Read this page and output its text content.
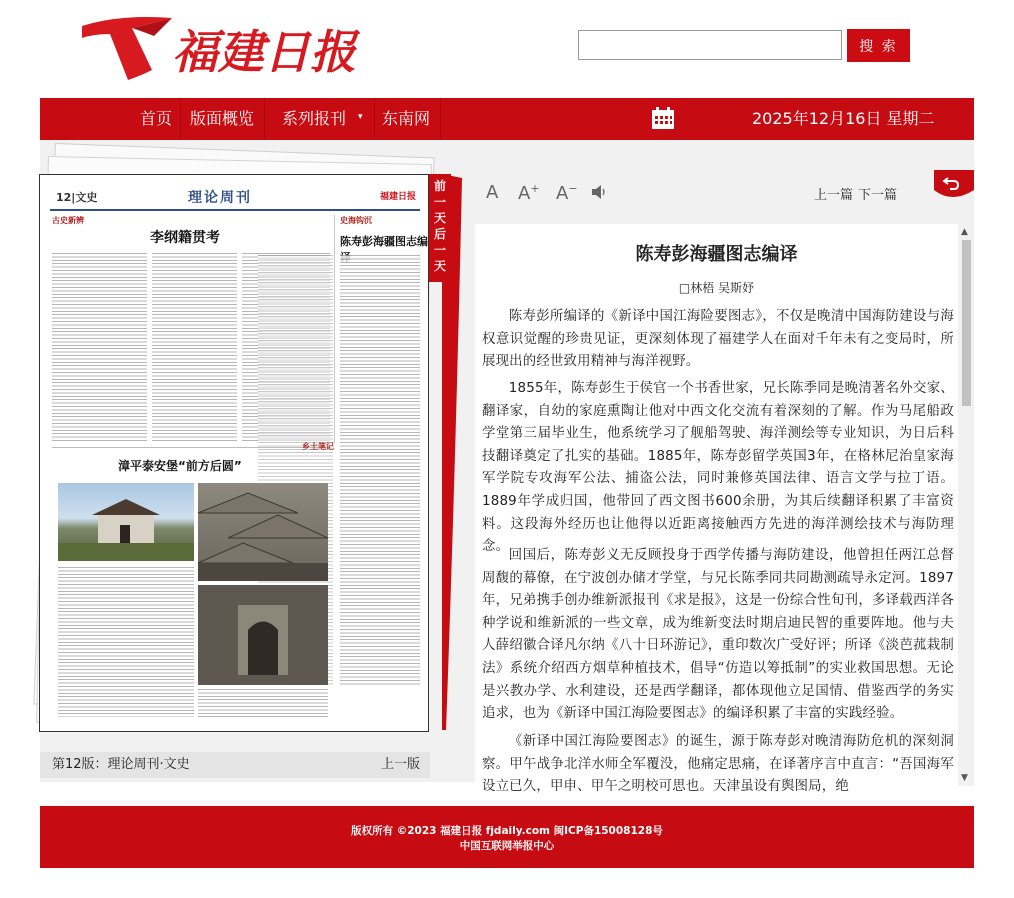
福建日报	搜 索
首页 版面概览 系列报刊 ▾ 东南网	2025年12月16日 星期二
12|文史	理论周刊	福建日报
古史新辨
李纲籍贯考
史海钩沉
陈寿彭海疆图志编
乡土笔记
漳平泰安堡“前方后圆”
前一天后一天
第12版：理论周刊·文史	上一版
A A+ A−	上一篇 下一篇
陈寿彭海疆图志编译
□林梧 吴斯妤

陈寿彭所编译的《新译中国江海险要图志》，不仅是晚清中国海防建设与海权意识觉醒的珍贵见证，更深刻体现了福建学人在面对千年未有之变局时，所展现出的经世致用精神与海洋视野。

1855年，陈寿彭生于侯官一个书香世家，兄长陈季同是晚清著名外交家、翻译家，自幼的家庭熏陶让他对中西文化交流有着深刻的了解。作为马尾船政学堂第三届毕业生，他系统学习了舰船驾驶、海洋测绘等专业知识，为日后科技翻译奠定了扎实的基础。1885年，陈寿彭留学英国3年，在格林尼治皇家海军学院专攻海军公法、捕盗公法，同时兼修英国法律、语言文学与拉丁语。1889年学成归国，他带回了西文图书600余册，为其后续翻译积累了丰富资料。这段海外经历也让他得以近距离接触西方先进的海洋测绘技术与海防理念。

回国后，陈寿彭义无反顾投身于西学传播与海防建设，他曾担任两江总督周馥的幕僚，在宁波创办储才学堂，与兄长陈季同共同勘测疏导永定河。1897年，兄弟携手创办维新派报刊《求是报》，这是一份综合性旬刊，多译载西洋各种学说和维新派的一些文章，成为维新变法时期启迪民智的重要阵地。他与夫人薛绍徽合译凡尔纳《八十日环游记》，重印数次广受好评；所译《淡芭菰栽制法》系统介绍西方烟草种植技术，倡导“仿造以筹抵制”的实业救国思想。无论是兴教办学、水利建设，还是西学翻译，都体现他立足国情、借鉴西学的务实追求，也为《新译中国江海险要图志》的编译积累了丰富的实践经验。

《新译中国江海险要图志》的诞生，源于陈寿彭对晚清海防危机的深刻洞察。甲午战争北洋水师全军覆没，他痛定思痛，在译著序言中直言：“吾国海军设立已久，甲申、甲午之明校可思也。天津虽设有舆图局，绝

▲
▼
版权所有 ©2023 福建日报 fjdaily.com 闽ICP备15008128号
中国互联网举报中心
